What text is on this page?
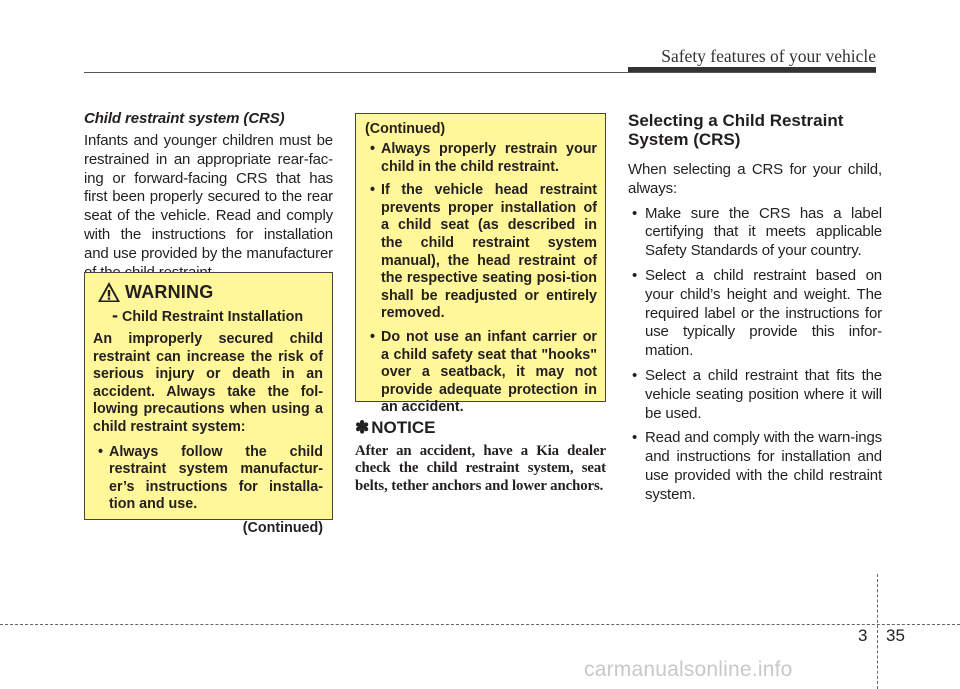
Safety features of your vehicle

Child restraint system (CRS)

Infants and younger children must be restrained in an appropriate rear-fac-ing or forward-facing CRS that has first been properly secured to the rear seat of the vehicle. Read and comply with the instructions for installation and use provided by the manufacturer

WARNING
- Child Restraint Installation

An improperly secured child restraint can increase the risk of serious injury or death in an accident. Always take the fol-lowing precautions when using a child restraint system:

• Always follow the child restraint system manufactur-er’s instructions for installa-tion and use.
(Continued)

(Continued)

• Always properly restrain your child in the child restraint.
• If the vehicle head restraint prevents proper installation of a child seat (as described in the child restraint system manual), the head restraint of the respective seating posi-tion shall be readjusted or entirely removed.
• Do not use an infant carrier or a child safety seat that "hooks" over a seatback, it may not provide adequate protection in an accident.
✽ NOTICE

After an accident, have a Kia dealer check the child restraint system, seat belts, tether anchors and lower anchors.

Selecting a Child Restraint System (CRS)

When selecting a CRS for your child, always:

• Make sure the CRS has a label certifying that it meets applicable Safety Standards of your country.
• Select a child restraint based on your child’s height and weight. The required label or the instructions for use typically provide this infor-mation.
• Select a child restraint that fits the vehicle seating position where it will be used.
• Read and comply with the warn-ings and instructions for installation and use provided with the child restraint system.
3 35
carmanualsonline.info
